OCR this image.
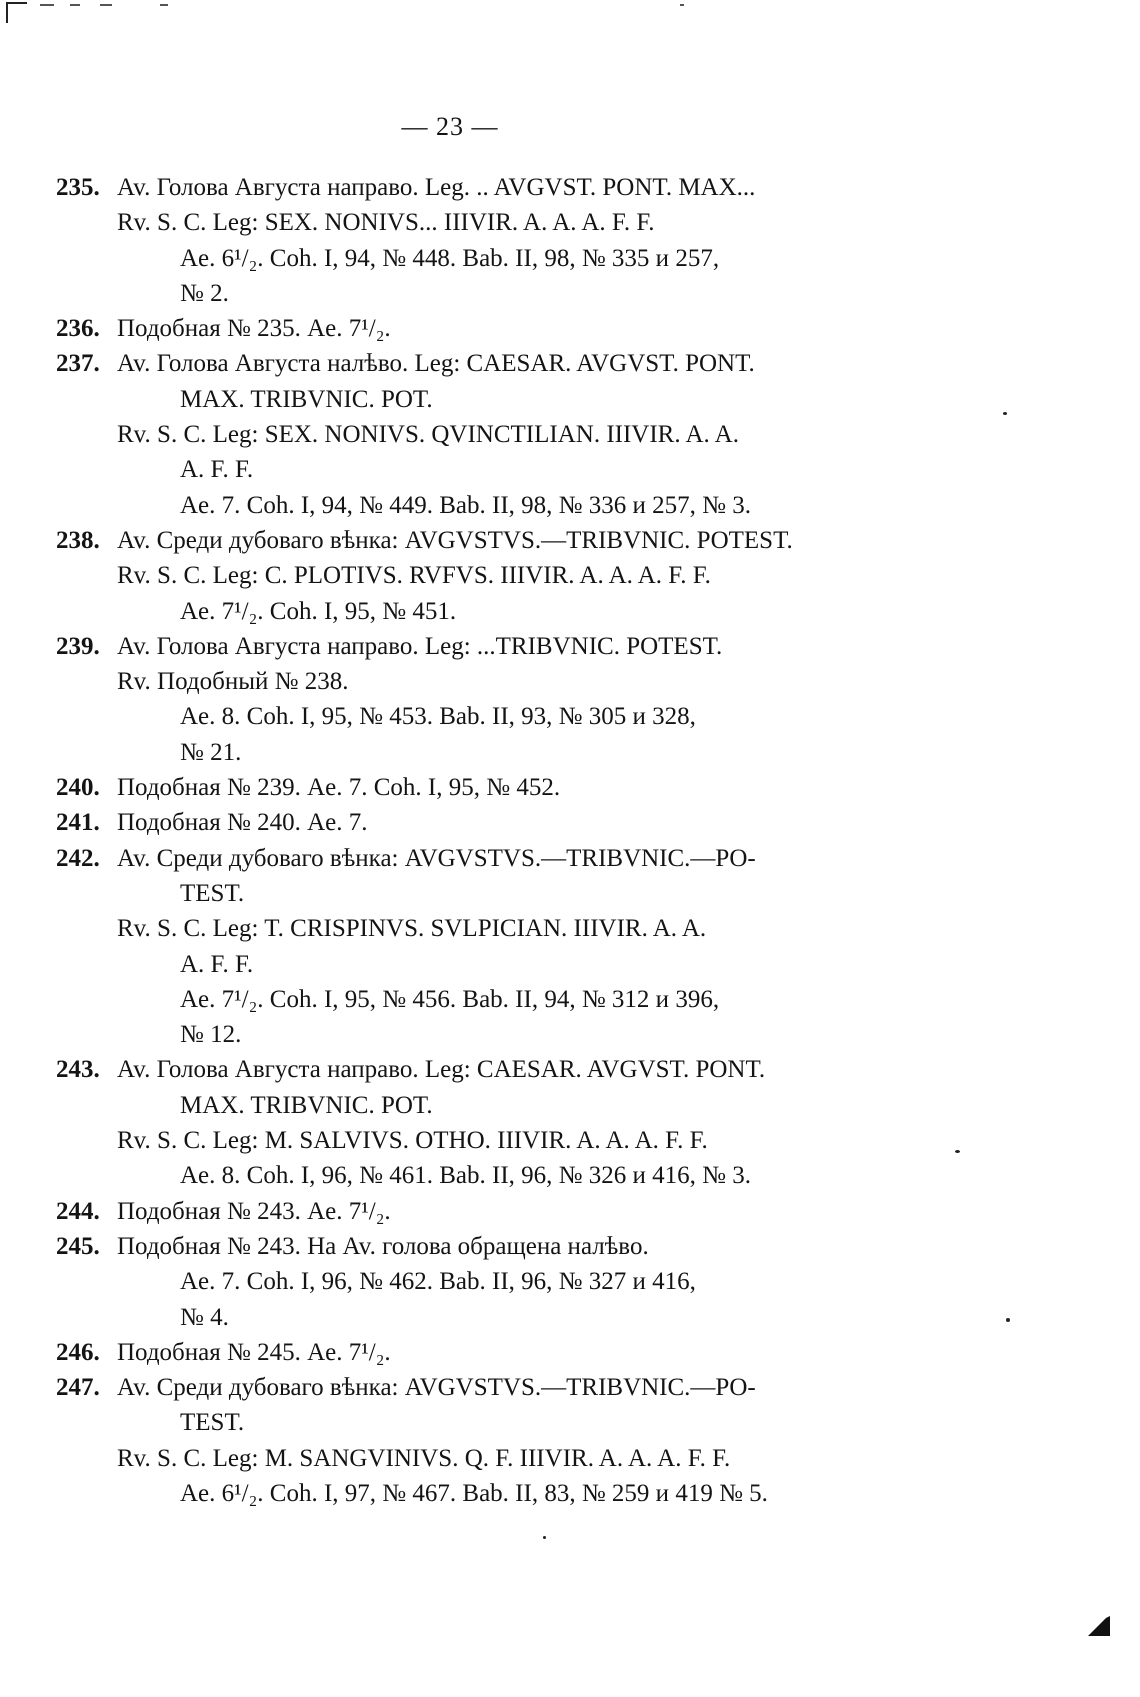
— 23 —
235. Av. Голова Августа направо. Leg. .. AVGVST. PONT. MAX...
Rv. S. C. Leg: SEX. NONIVS... IIIVIR. A. A. A. F. F.
Ae. 6¹/₂. Coh. I, 94, № 448. Bab. II, 98, № 335 и 257,
№ 2.
236. Подобная № 235. Ae. 7¹/₂.
237. Av. Голова Августа налѣво. Leg: CAESAR. AVGVST. PONT.
MAX. TRIBVNIC. POT.
Rv. S. C. Leg: SEX. NONIVS. QVINCTILIAN. IIIVIR. A. A.
A. F. F.
Ae. 7. Coh. I, 94, № 449. Bab. II, 98, № 336 и 257, № 3.
238. Av. Среди дубоваго вѣнка: AVGVSTVS.—TRIBVNIC. POTEST.
Rv. S. C. Leg: C. PLOTIVS. RVFVS. IIIVIR. A. A. A. F. F.
Ae. 7¹/₂. Coh. I, 95, № 451.
239. Av. Голова Августа направо. Leg: ...TRIBVNIC. POTEST.
Rv. Подобный № 238.
Ae. 8. Coh. I, 95, № 453. Bab. II, 93, № 305 и 328,
№ 21.
240. Подобная № 239. Ae. 7. Coh. I, 95, № 452.
241. Подобная № 240. Ae. 7.
242. Av. Среди дубоваго вѣнка: AVGVSTVS.—TRIBVNIC.—PO-
TEST.
Rv. S. C. Leg: T. CRISPINVS. SVLPICIAN. IIIVIR. A. A.
A. F. F.
Ae. 7¹/₂. Coh. I, 95, № 456. Bab. II, 94, № 312 и 396,
№ 12.
243. Av. Голова Августа направо. Leg: CAESAR. AVGVST. PONT.
MAX. TRIBVNIC. POT.
Rv. S. C. Leg: M. SALVIVS. OTHO. IIIVIR. A. A. A. F. F.
Ae. 8. Coh. I, 96, № 461. Bab. II, 96, № 326 и 416, № 3.
244. Подобная № 243. Ae. 7¹/₂.
245. Подобная № 243. На Av. голова обращена налѣво.
Ae. 7. Coh. I, 96, № 462. Bab. II, 96, № 327 и 416,
№ 4.
246. Подобная № 245. Ae. 7¹/₂.
247. Av. Среди дубоваго вѣнка: AVGVSTVS.—TRIBVNIC.—PO-
TEST.
Rv. S. C. Leg: M. SANGVINIVS. Q. F. IIIVIR. A. A. A. F. F.
Ae. 6¹/₂. Coh. I, 97, № 467. Bab. II, 83, № 259 и 419 № 5.
